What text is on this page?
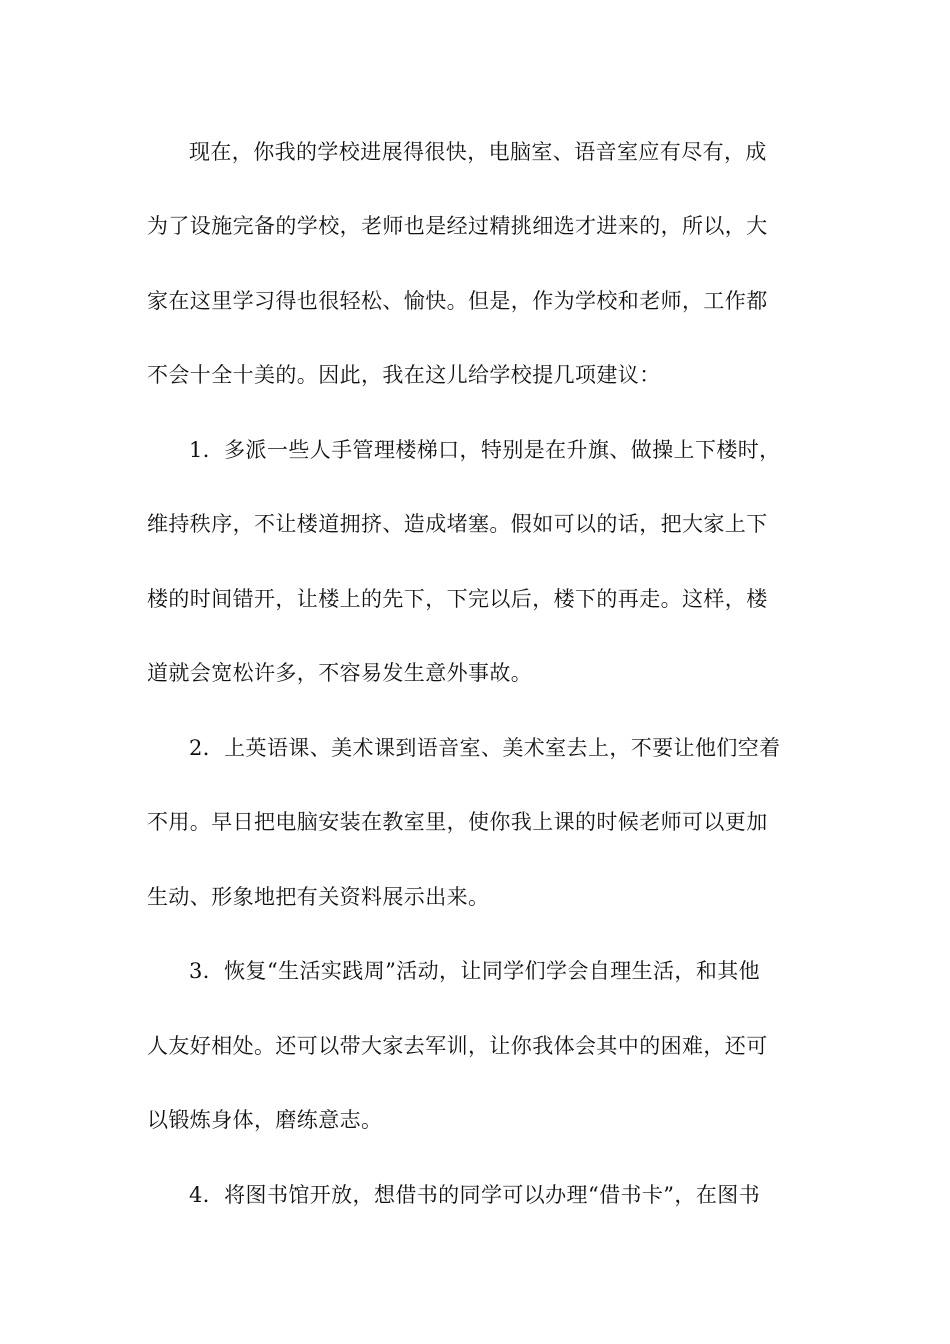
现在，你我的学校进展得很快，电脑室、语音室应有尽有，成
为了设施完备的学校，老师也是经过精挑细选才进来的，所以，大
家在这里学习得也很轻松、愉快。但是，作为学校和老师，工作都
不会十全十美的。因此，我在这儿给学校提几项建议：
1．多派一些人手管理楼梯口，特别是在升旗、做操上下楼时，
维持秩序，不让楼道拥挤、造成堵塞。假如可以的话，把大家上下
楼的时间错开，让楼上的先下，下完以后，楼下的再走。这样，楼
道就会宽松许多，不容易发生意外事故。
2．上英语课、美术课到语音室、美术室去上，不要让他们空着
不用。早日把电脑安装在教室里，使你我上课的时候老师可以更加
生动、形象地把有关资料展示出来。
3．恢复“生活实践周”活动，让同学们学会自理生活，和其他
人友好相处。还可以带大家去军训，让你我体会其中的困难，还可
以锻炼身体，磨练意志。
4．将图书馆开放，想借书的同学可以办理“借书卡”，在图书
